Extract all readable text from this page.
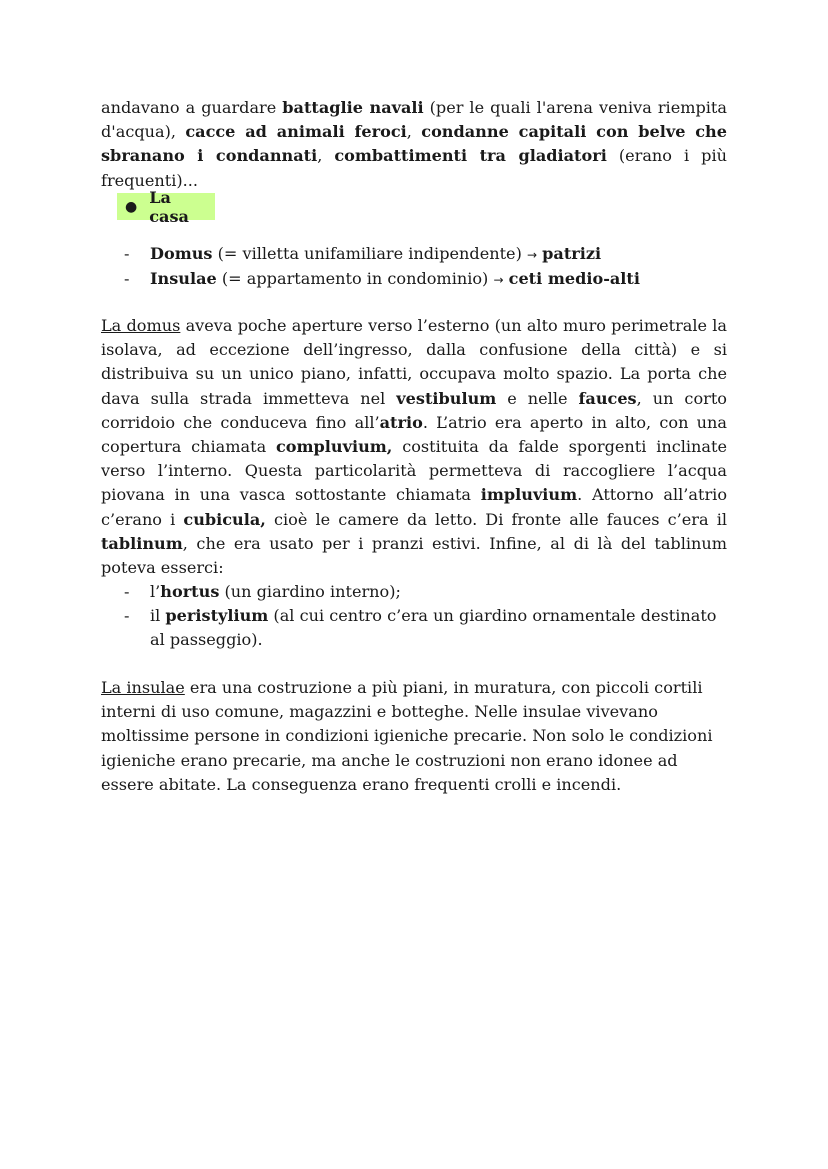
andavano a guardare battaglie navali (per le quali l'arena veniva riempita d'acqua), cacce ad animali feroci, condanne capitali con belve che sbranano i condannati, combattimenti tra gladiatori (erano i più frequenti)...

● La casa
- Domus (= villetta unifamiliare indipendente) → patrizi
- Insulae (= appartamento in condominio) → ceti medio-alti

La domus aveva poche aperture verso l’esterno (un alto muro perimetrale la isolava, ad eccezione dell’ingresso, dalla confusione della città) e si distribuiva su un unico piano, infatti, occupava molto spazio. La porta che dava sulla strada immetteva nel vestibulum e nelle fauces, un corto corridoio che conduceva fino all’atrio. L’atrio era aperto in alto, con una copertura chiamata compluvium, costituita da falde sporgenti inclinate verso l’interno. Questa particolarità permetteva di raccogliere l’acqua piovana in una vasca sottostante chiamata impluvium. Attorno all’atrio c’erano i cubicula, cioè le camere da letto. Di fronte alle fauces c’era il tablinum, che era usato per i pranzi estivi. Infine, al di là del tablinum poteva esserci:

- l’hortus (un giardino interno);
- il peristylium (al cui centro c’era un giardino ornamentale destinato al passeggio).

La insulae era una costruzione a più piani, in muratura, con piccoli cortili interni di uso comune, magazzini e botteghe. Nelle insulae vivevano moltissime persone in condizioni igieniche precarie. Non solo le condizioni igieniche erano precarie, ma anche le costruzioni non erano idonee ad essere abitate. La conseguenza erano frequenti crolli e incendi.
